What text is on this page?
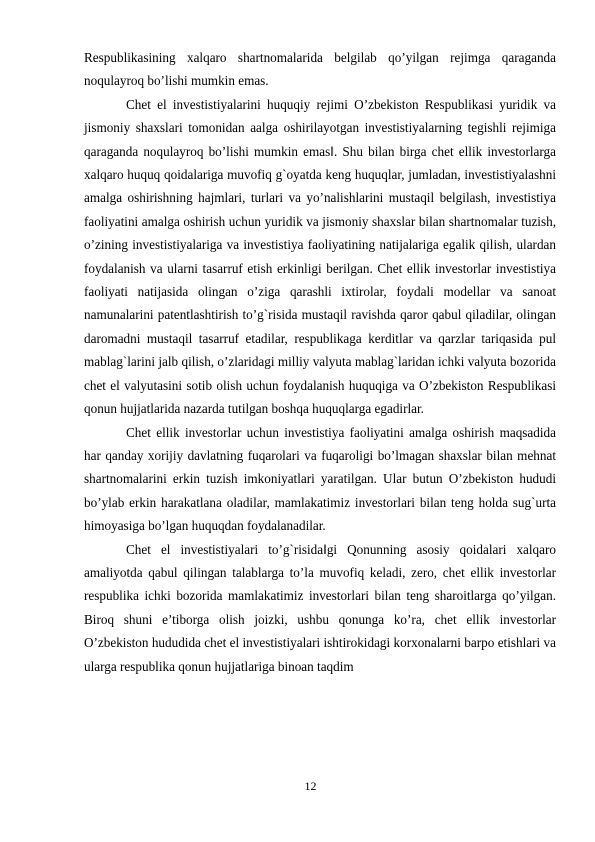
Respublikasining xalqaro shartnomalarida belgilab qo’yilgan rejimga qaraganda noqulayroq bo’lishi mumkin emas.

Chet el investistiyalarini huquqiy rejimi O’zbekiston Respublikasi yuridik va jismoniy shaxslari tomonidan aalga oshirilayotgan investistiyalarning tegishli rejimiga qaraganda noqulayroq bo’lishi mumkin emas‖. Shu bilan birga chet ellik investorlarga xalqaro huquq qoidalariga muvofiq g`oyatda keng huquqlar, jumladan, investistiyalashni amalga oshirishning hajmlari, turlari va yo’nalishlarini mustaqil belgilash, investistiya faoliyatini amalga oshirish uchun yuridik va jismoniy shaxslar bilan shartnomalar tuzish, o’zining investistiyalariga va investistiya faoliyatining natijalariga egalik qilish, ulardan foydalanish va ularni tasarruf etish erkinligi berilgan. Chet ellik investorlar investistiya faoliyati natijasida olingan o’ziga qarashli ixtirolar, foydali modellar va sanoat namunalarini patentlashtirish to’g`risida mustaqil ravishda qaror qabul qiladilar, olingan daromadni mustaqil tasarruf etadilar, respublikaga kerditlar va qarzlar tariqasida pul mablag`larini jalb qilish, o’zlaridagi milliy valyuta mablag`laridan ichki valyuta bozorida chet el valyutasini sotib olish uchun foydalanish huquqiga va O’zbekiston Respublikasi qonun hujjatlarida nazarda tutilgan boshqa huquqlarga egadirlar.

Chet ellik investorlar uchun investistiya faoliyatini amalga oshirish maqsadida har qanday xorijiy davlatning fuqarolari va fuqaroligi bo’lmagan shaxslar bilan mehnat shartnomalarini erkin tuzish imkoniyatlari yaratilgan. Ular butun O’zbekiston hududi bo’ylab erkin harakatlana oladilar, mamlakatimiz investorlari bilan teng holda sug`urta himoyasiga bo’lgan huquqdan foydalanadilar.

Chet el investistiyalari to’g`risida‖gi Qonunning asosiy qoidalari xalqaro amaliyotda qabul qilingan talablarga to’la muvofiq keladi, zero, chet ellik investorlar respublika ichki bozorida mamlakatimiz investorlari bilan teng sharoitlarga qo’yilgan. Biroq shuni e’tiborga olish joizki, ushbu qonunga ko’ra, chet ellik investorlar O’zbekiston hududida chet el investistiyalari ishtirokidagi korxonalarni barpo etishlari va ularga respublika qonun hujjatlariga binoan taqdim

12
